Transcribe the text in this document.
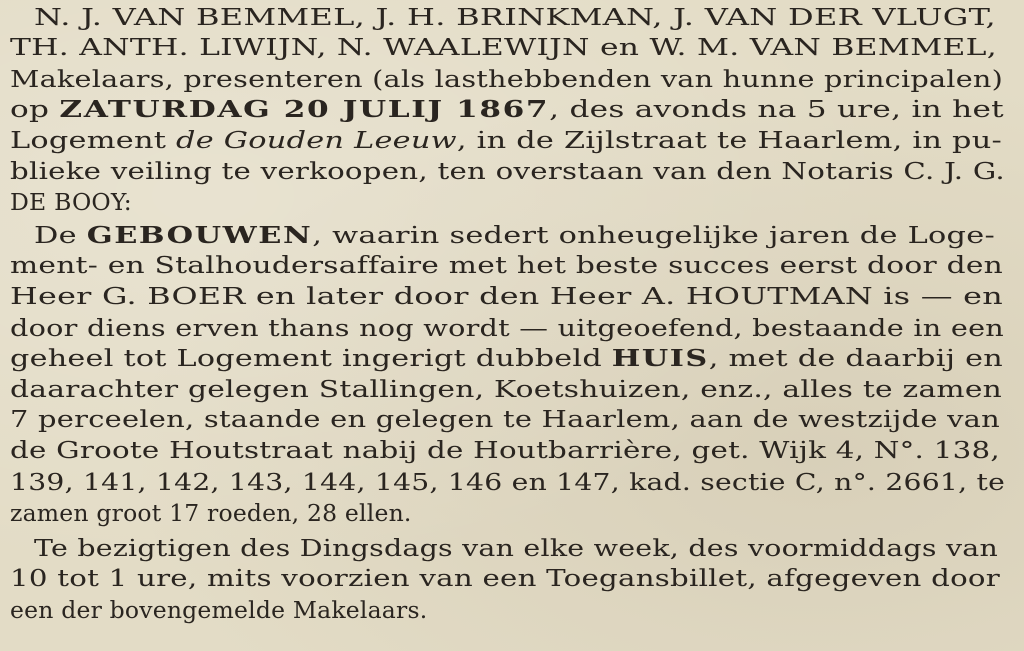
N. J. VAN BEMMEL, J. H. BRINKMAN, J. VAN DER VLUGT,
TH. ANTH. LIWIJN, N. WAALEWIJN en W. M. VAN BEMMEL,
Makelaars, presenteren (als lasthebbenden van hunne principalen)
op ZATURDAG 20 JULIJ 1867, des avonds na 5 ure, in het
Logement de Gouden Leeuw, in de Zijlstraat te Haarlem, in pu-
blieke veiling te verkoopen, ten overstaan van den Notaris C. J. G.
DE BOOY:
De GEBOUWEN, waarin sedert onheugelijke jaren de Loge-
ment- en Stalhoudersaffaire met het beste succes eerst door den
Heer G. BOER en later door den Heer A. HOUTMAN is — en
door diens erven thans nog wordt — uitgeoefend, bestaande in een
geheel tot Logement ingerigt dubbeld HUIS, met de daarbij en
daarachter gelegen Stallingen, Koetshuizen, enz., alles te zamen
7 perceelen, staande en gelegen te Haarlem, aan de westzijde van
de Groote Houtstraat nabij de Houtbarrière, get. Wijk 4, N°. 138,
139, 141, 142, 143, 144, 145, 146 en 147, kad. sectie C, n°. 2661, te
zamen groot 17 roeden, 28 ellen.
Te bezigtigen des Dingsdags van elke week, des voormiddags van
10 tot 1 ure, mits voorzien van een Toegansbillet, afgegeven door
een der bovengemelde Makelaars.
